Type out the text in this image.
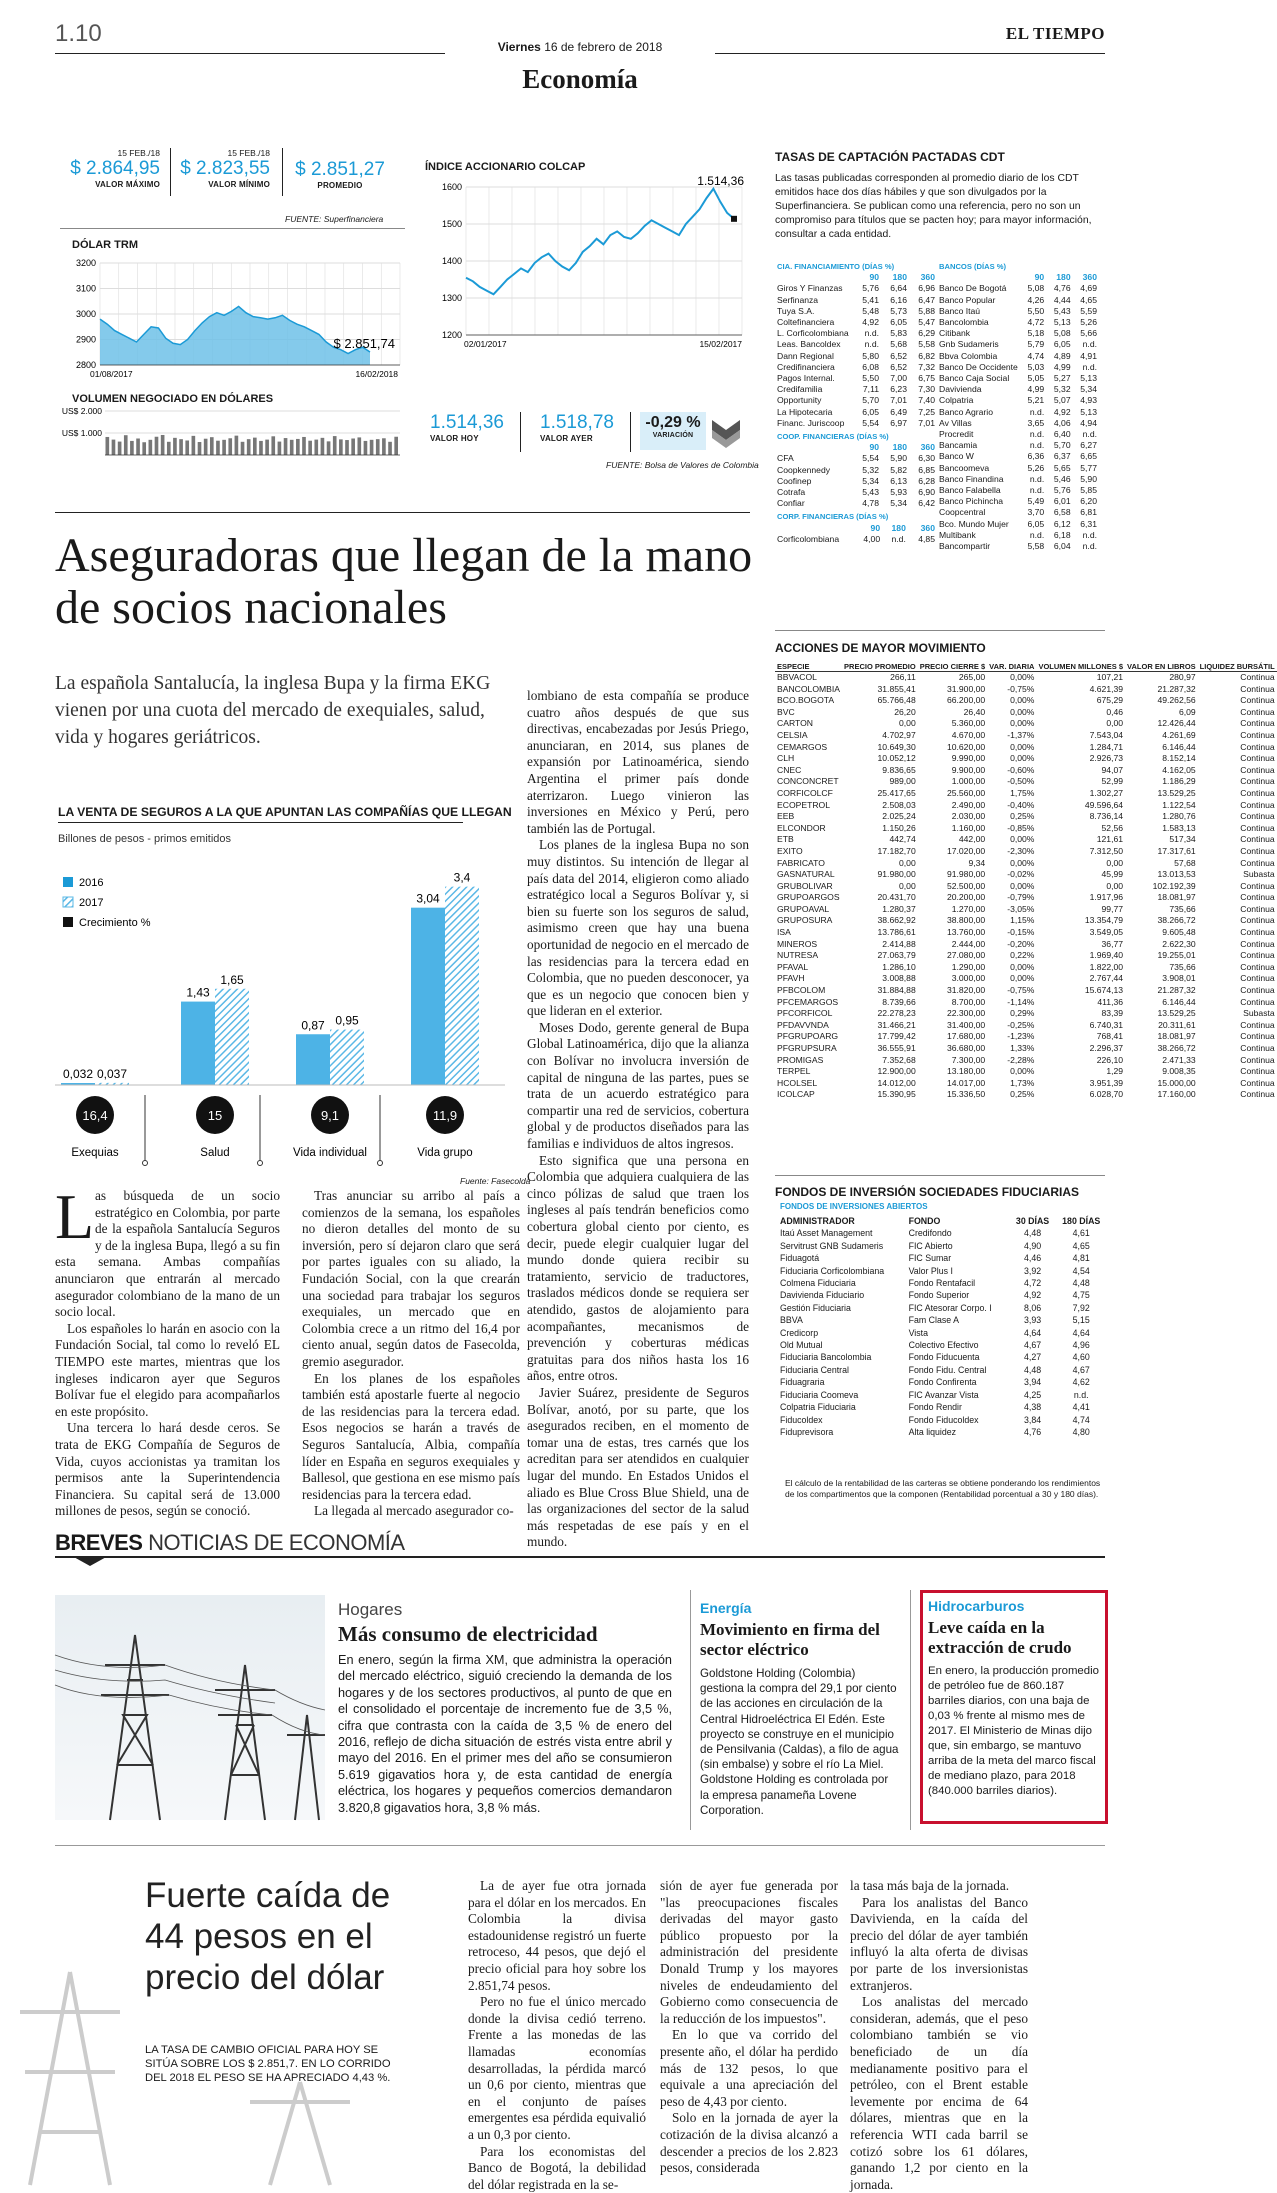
1.10	Viernes 16 de febrero de 2018
EL TIEMPO
Economía
15 FEB./18
$ 2.864,95
VALOR MÁXIMO
15 FEB./18
$ 2.823,55
VALOR MÍNIMO
$ 2.851,27
PROMEDIO
FUENTE: Superfinanciera
DÓLAR TRM
3200
3100
3000
2900
2800
01/08/2017	16/02/2018
$ 2.851,74
VOLUMEN NEGOCIADO EN DÓLARES
US$ 2.000
US$ 1.000
ÍNDICE ACCIONARIO COLCAP
1600
1500
1400
1300
1200
02/01/2017	15/02/2017
1.514,36
1.514,36
VALOR HOY
1.518,78
VALOR AYER
-0,29 %
VARIACIÓN
FUENTE: Bolsa de Valores de Colombia
TASAS DE CAPTACIÓN PACTADAS CDT
Las tasas publicadas corresponden al promedio diario de los CDT emitidos hace dos días hábiles y que son divulgados por la Superfinanciera. Se publican como una referencia, pero no son un compromiso para títulos que se pacten hoy; para mayor información, consultar a cada entidad.
CIA. FINANCIAMIENTO (DÍAS %)			
	90	180	360
Giros Y Finanzas	5,76	6,64	6,96
Serfinanza	5,41	6,16	6,47
Tuya S.A.	5,48	5,73	5,88
Coltefinanciera	4,92	6,05	5,47
L. Corficolombiana	n.d.	5,83	6,29
Leas. Bancoldex	n.d.	5,68	5,58
Dann Regional	5,80	6,52	6,82
Credifinanciera	6,08	6,52	7,32
Pagos Internal.	5,50	7,00	6,75
Credifamilia	7,11	6,23	7,30
Opportunity	5,70	7,01	7,40
La Hipotecaria	6,05	6,49	7,25
Financ. Juriscoop	5,54	6,97	7,01
COOP. FINANCIERAS (DÍAS %)			
	90	180	360
CFA	5,54	5,90	6,30
Coopkennedy	5,32	5,82	6,85
Coofinep	5,34	6,13	6,28
Cotrafa	5,43	5,93	6,90
Confiar	4,78	5,34	6,42
CORP. FINANCIERAS (DÍAS %)			
	90	180	360
Corficolombiana	4,00	n.d.	4,85
BANCOS (DÍAS %)			
	90	180	360
Banco De Bogotá	5,08	4,76	4,69
Banco Popular	4,26	4,44	4,65
Banco Itaú	5,50	5,43	5,59
Bancolombia	4,72	5,13	5,26
Citibank	5,18	5,08	5,66
Gnb Sudameris	5,79	6,05	n.d.
Bbva Colombia	4,74	4,89	4,91
Banco De Occidente	5,03	4,99	n.d.
Banco Caja Social	5,05	5,27	5,13
Davivienda	4,99	5,32	5,34
Colpatria	5,21	5,07	4,93
Banco Agrario	n.d.	4,92	5,13
Av Villas	3,65	4,06	4,94
Procredit	n.d.	6,40	n.d.
Bancamia	n.d.	5,70	6,27
Banco W	6,36	6,37	6,65
Bancoomeva	5,26	5,65	5,77
Banco Finandina	n.d.	5,46	5,90
Banco Falabella	n.d.	5,76	5,85
Banco Pichincha	5,49	6,01	6,20
Coopcentral	3,70	6,58	6,81
Bco. Mundo Mujer	6,05	6,12	6,31
Multibank	n.d.	6,18	n.d.
Bancompartir	5,58	6,04	n.d.
ACCIONES DE MAYOR MOVIMIENTO
ESPECIE	PRECIO PROMEDIO	PRECIO CIERRE $	VAR. DIARIA	VOLUMEN MILLONES $	VALOR EN LIBROS	LIQUIDEZ BURSÁTIL
BBVACOL	266,11	265,00	0,00%	107,21	280,97	Continua
BANCOLOMBIA	31.855,41	31.900,00	-0,75%	4.621,39	21.287,32	Continua
BCO.BOGOTA	65.766,48	66.200,00	0,00%	675,29	49.262,56	Continua
BVC	26,20	26,40	0,00%	0,46	6,09	Continua
CARTON	0,00	5.360,00	0,00%	0,00	12.426,44	Continua
CELSIA	4.702,97	4.670,00	-1,37%	7.543,04	4.261,69	Continua
CEMARGOS	10.649,30	10.620,00	0,00%	1.284,71	6.146,44	Continua
CLH	10.052,12	9.990,00	0,00%	2.926,73	8.152,14	Continua
CNEC	9.836,65	9.900,00	-0,60%	94,07	4.162,05	Continua
CONCONCRET	989,00	1.000,00	-0,50%	52,99	1.186,29	Continua
CORFICOLCF	25.417,65	25.560,00	1,75%	1.302,27	13.529,25	Continua
ECOPETROL	2.508,03	2.490,00	-0,40%	49.596,64	1.122,54	Continua
EEB	2.025,24	2.030,00	0,25%	8.736,14	1.280,76	Continua
ELCONDOR	1.150,26	1.160,00	-0,85%	52,56	1.583,13	Continua
ETB	442,74	442,00	0,00%	121,61	517,34	Continua
EXITO	17.182,70	17.020,00	-2,30%	7.312,50	17.317,61	Continua
FABRICATO	0,00	9,34	0,00%	0,00	57,68	Continua
GASNATURAL	91.980,00	91.980,00	-0,02%	45,99	13.013,53	Subasta
GRUBOLIVAR	0,00	52.500,00	0,00%	0,00	102.192,39	Continua
GRUPOARGOS	20.431,70	20.200,00	-0,79%	1.917,96	18.081,97	Continua
GRUPOAVAL	1.280,37	1.270,00	-3,05%	99,77	735,66	Continua
GRUPOSURA	38.662,92	38.800,00	1,15%	13.354,79	38.266,72	Continua
ISA	13.786,61	13.760,00	-0,15%	3.549,05	9.605,48	Continua
MINEROS	2.414,88	2.444,00	-0,20%	36,77	2.622,30	Continua
NUTRESA	27.063,79	27.080,00	0,22%	1.969,40	19.255,01	Continua
PFAVAL	1.286,10	1.290,00	0,00%	1.822,00	735,66	Continua
PFAVH	3.008,88	3.000,00	0,00%	2.767,44	3.908,01	Continua
PFBCOLOM	31.884,88	31.820,00	-0,75%	15.674,13	21.287,32	Continua
PFCEMARGOS	8.739,66	8.700,00	-1,14%	411,36	6.146,44	Continua
PFCORFICOL	22.278,23	22.300,00	0,29%	83,39	13.529,25	Subasta
PFDAVVNDA	31.466,21	31.400,00	-0,25%	6.740,31	20.311,61	Continua
PFGRUPOARG	17.799,42	17.680,00	-1,23%	768,41	18.081,97	Continua
PFGRUPSURA	36.555,91	36.680,00	1,33%	2.296,37	38.266,72	Continua
PROMIGAS	7.352,68	7.300,00	-2,28%	226,10	2.471,33	Continua
TERPEL	12.900,00	13.180,00	0,00%	1,29	9.008,35	Continua
HCOLSEL	14.012,00	14.017,00	1,73%	3.951,39	15.000,00	Continua
ICOLCAP	15.390,95	15.336,50	0,25%	6.028,70	17.160,00	Continua
FONDOS DE INVERSIÓN SOCIEDADES FIDUCIARIAS
FONDOS DE INVERSIONES ABIERTOS
ADMINISTRADOR	FONDO	30 DÍAS	180 DÍAS
Itaú Asset Management	Credifondo	4,48	4,61
Servitrust GNB Sudameris	FIC Abierto	4,90	4,65
Fiduagotá	FIC Sumar	4,46	4,81
Fiduciaria Corficolombiana	Valor Plus I	3,92	4,54
Colmena Fiduciaria	Fondo Rentafacil	4,72	4,48
Davivienda Fiduciario	Fondo Superior	4,92	4,75
Gestión Fiduciaria	FIC Atesorar Corpo. I	8,06	7,92
BBVA	Fam Clase A	3,93	5,15
Credicorp	Vista	4,64	4,64
Old Mutual	Colectivo Efectivo	4,67	4,96
Fiduciaria Bancolombia	Fondo Fiducuenta	4,27	4,60
Fiduciaria Central	Fondo Fidu. Central	4,48	4,67
Fiduagraria	Fondo Confirenta	3,94	4,62
Fiduciaria Coomeva	FIC Avanzar Vista	4,25	n.d.
Colpatria Fiduciaria	Fondo Rendir	4,38	4,41
Fiducoldex	Fondo Fiducoldex	3,84	4,74
Fiduprevisora	Alta liquidez	4,76	4,80
El cálculo de la rentabilidad de las carteras se obtiene ponderando los rendimientos de los compartimentos que la componen (Rentabilidad porcentual a 30 y 180 días).
Aseguradoras que llegan de la mano de socios nacionales
La española Santalucía, la inglesa Bupa y la firma EKG vienen por una cuota del mercado de exequiales, salud, vida y hogares geriátricos.
LA VENTA DE SEGUROS A LA QUE APUNTAN LAS COMPAÑÍAS QUE LLEGAN
Billones de pesos - primos emitidos
2016
2017
Crecimiento %
0,032 0,037
16,4
Exequias
1,43
1,65
15
Salud
0,87 0,95
9,1
Vida individual
3,04
3,4
11,9
Vida grupo
Fuente: Fasecolda
L as búsqueda de un socio estratégico en Colombia, por parte de la española Santalucía Seguros y de la inglesa Bupa, llegó a su fin esta semana. Ambas compañías anunciaron que entrarán al mercado asegurador colombiano de la mano de un socio local.

Los españoles lo harán en asocio con la Fundación Social, tal como lo reveló EL TIEMPO este martes, mientras que los ingleses indicaron ayer que Seguros Bolívar fue el elegido para acompañarlos en este propósito.

Una tercera lo hará desde ceros. Se trata de EKG Compañía de Seguros de Vida, cuyos accionistas ya tramitan los permisos ante la Superintendencia Financiera. Su capital será de 13.000 millones de pesos, según se conoció.

Tras anunciar su arribo al país a comienzos de la semana, los españoles no dieron detalles del monto de su inversión, pero sí dejaron claro que será por partes iguales con su aliado, la Fundación Social, con la que crearán una sociedad para trabajar los seguros exequiales, un mercado que en Colombia crece a un ritmo del 16,4 por ciento anual, según datos de Fasecolda, gremio asegurador.

En los planes de los españoles también está apostarle fuerte al negocio de las residencias para la tercera edad. Esos negocios se harán a través de Seguros Santalucía, Albia, compañía líder en España en seguros exequiales y Ballesol, que gestiona en ese mismo país residencias para la tercera edad.

La llegada al mercado asegurador co-

lombiano de esta compañía se produce cuatro años después de que sus directivas, encabezadas por Jesús Priego, anunciaran, en 2014, sus planes de expansión por Latinoamérica, siendo Argentina el primer país donde aterrizaron. Luego vinieron las inversiones en México y Perú, pero también las de Portugal.

Los planes de la inglesa Bupa no son muy distintos. Su intención de llegar al país data del 2014, eligieron como aliado estratégico local a Seguros Bolívar y, si bien su fuerte son los seguros de salud, asimismo creen que hay una buena oportunidad de negocio en el mercado de las residencias para la tercera edad en Colombia, que no pueden desconocer, ya que es un negocio que conocen bien y que lideran en el exterior.

Moses Dodo, gerente general de Bupa Global Latinoamérica, dijo que la alianza con Bolívar no involucra inversión de capital de ninguna de las partes, pues se trata de un acuerdo estratégico para compartir una red de servicios, cobertura global y de productos diseñados para las familias e individuos de altos ingresos.

Esto significa que una persona en Colombia que adquiera cualquiera de las cinco pólizas de salud que traen los ingleses al país tendrán beneficios como cobertura global ciento por ciento, es decir, puede elegir cualquier lugar del mundo donde quiera recibir su tratamiento, servicio de traductores, traslados médicos donde se requiera ser atendido, gastos de alojamiento para acompañantes, mecanismos de prevención y coberturas médicas gratuitas para dos niños hasta los 16 años, entre otros.

Javier Suárez, presidente de Seguros Bolívar, anotó, por su parte, que los asegurados reciben, en el momento de tomar una de estas, tres carnés que los acreditan para ser atendidos en cualquier lugar del mundo. En Estados Unidos el aliado es Blue Cross Blue Shield, una de las organizaciones del sector de la salud más respetadas de ese país y en el mundo.

BREVES NOTICIAS DE ECONOMÍA
Hogares
Más consumo de electricidad
En enero, según la firma XM, que administra la operación del mercado eléctrico, siguió creciendo la demanda de los hogares y de los sectores productivos, al punto de que en el consolidado el porcentaje de incremento fue de 3,5 %, cifra que contrasta con la caída de 3,5 % de enero del 2016, reflejo de dicha situación de estrés vista entre abril y mayo del 2016. En el primer mes del año se consumieron 5.619 gigavatios hora y, de esta cantidad de energía eléctrica, los hogares y pequeños comercios demandaron 3.820,8 gigavatios hora, 3,8 % más.
Energía
Movimiento en firma del sector eléctrico
Goldstone Holding (Colombia) gestiona la compra del 29,1 por ciento de las acciones en circulación de la Central Hidroeléctrica El Edén. Este proyecto se construye en el municipio de Pensilvania (Caldas), a filo de agua (sin embalse) y sobre el río La Miel. Goldstone Holding es controlada por la empresa panameña Lovene Corporation.
Hidrocarburos
Leve caída en la extracción de crudo
En enero, la producción promedio de petróleo fue de 860.187 barriles diarios, con una baja de 0,03 % frente al mismo mes de 2017. El Ministerio de Minas dijo que, sin embargo, se mantuvo arriba de la meta del marco fiscal de mediano plazo, para 2018 (840.000 barriles diarios).
Fuerte caída de 44 pesos en el precio del dólar
LA TASA DE CAMBIO OFICIAL PARA HOY SE SITÚA SOBRE LOS $ 2.851,7. EN LO CORRIDO DEL 2018 EL PESO SE HA APRECIADO 4,43 %.

La de ayer fue otra jornada para el dólar en los mercados. En Colombia la divisa estadounidense registró un fuerte retroceso, 44 pesos, que dejó el precio oficial para hoy sobre los 2.851,74 pesos.

Pero no fue el único mercado donde la divisa cedió terreno. Frente a las monedas de las llamadas economías desarrolladas, la pérdida marcó un 0,6 por ciento, mientras que en el conjunto de países emergentes esa pérdida equivalió a un 0,3 por ciento.

Para los economistas del Banco de Bogotá, la debilidad del dólar registrada en la se-

sión de ayer fue generada por "las preocupaciones fiscales derivadas del mayor gasto público propuesto por la administración del presidente Donald Trump y los mayores niveles de endeudamiento del Gobierno como consecuencia de la reducción de los impuestos".

En lo que va corrido del presente año, el dólar ha perdido más de 132 pesos, lo que equivale a una apreciación del peso de 4,43 por ciento.

Solo en la jornada de ayer la cotización de la divisa alcanzó a descender a precios de los 2.823 pesos, considerada

la tasa más baja de la jornada.

Para los analistas del Banco Davivienda, en la caída del precio del dólar de ayer también influyó la alta oferta de divisas por parte de los inversionistas extranjeros.

Los analistas del mercado consideran, además, que el peso colombiano también se vio beneficiado de un día medianamente positivo para el petróleo, con el Brent estable levemente por encima de 64 dólares, mientras que en la referencia WTI cada barril se cotizó sobre los 61 dólares, ganando 1,2 por ciento en la jornada.
